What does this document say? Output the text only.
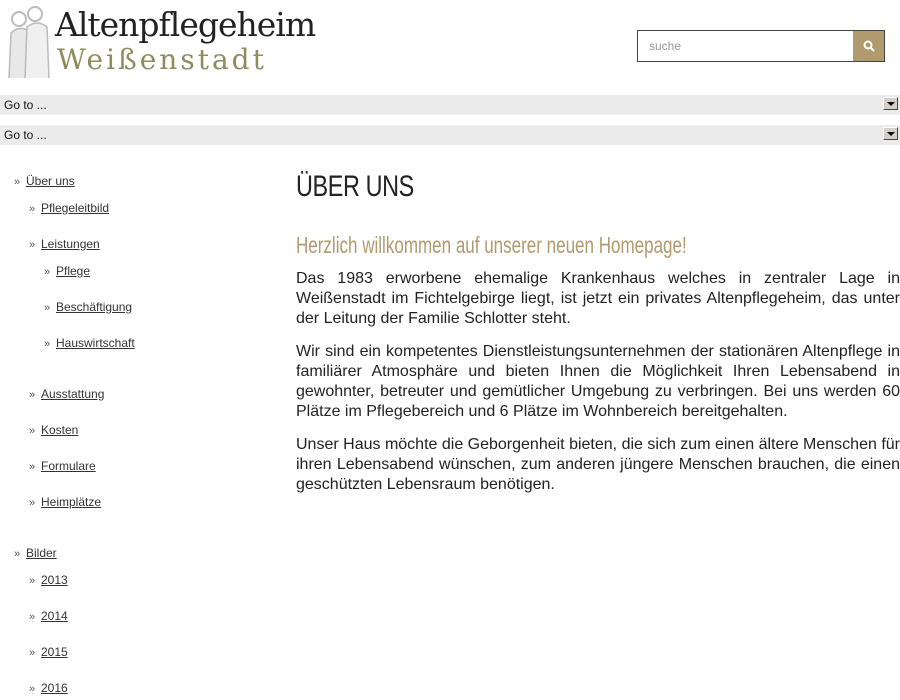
Altenpflegeheim
Weißenstadt
suche
Go to ...
Go to ...
» Über uns
» Pflegeleitbild
» Leistungen
» Pflege
» Beschäftigung
» Hauswirtschaft
» Ausstattung
» Kosten
» Formulare
» Heimplätze
» Bilder
» 2013
» 2014
» 2015
» 2016
ÜBER UNS
Herzlich willkommen auf unserer neuen Homepage!

Das 1983 erworbene ehemalige Krankenhaus welches in zentraler Lage in Weißenstadt im Fichtelgebirge liegt, ist jetzt ein privates Altenpflegeheim, das unter der Leitung der Familie Schlotter steht.

Wir sind ein kompetentes Dienstleistungsunternehmen der stationären Altenpflege in familiärer Atmosphäre und bieten Ihnen die Möglichkeit Ihren Lebensabend in gewohnter, betreuter und gemütlicher Umgebung zu verbringen. Bei uns werden 60 Plätze im Pflegebereich und 6 Plätze im Wohnbereich bereitgehalten.

Unser Haus möchte die Geborgenheit bieten, die sich zum einen ältere Menschen für ihren Lebensabend wünschen, zum anderen jüngere Menschen brauchen, die einen geschützten Lebensraum benötigen.
